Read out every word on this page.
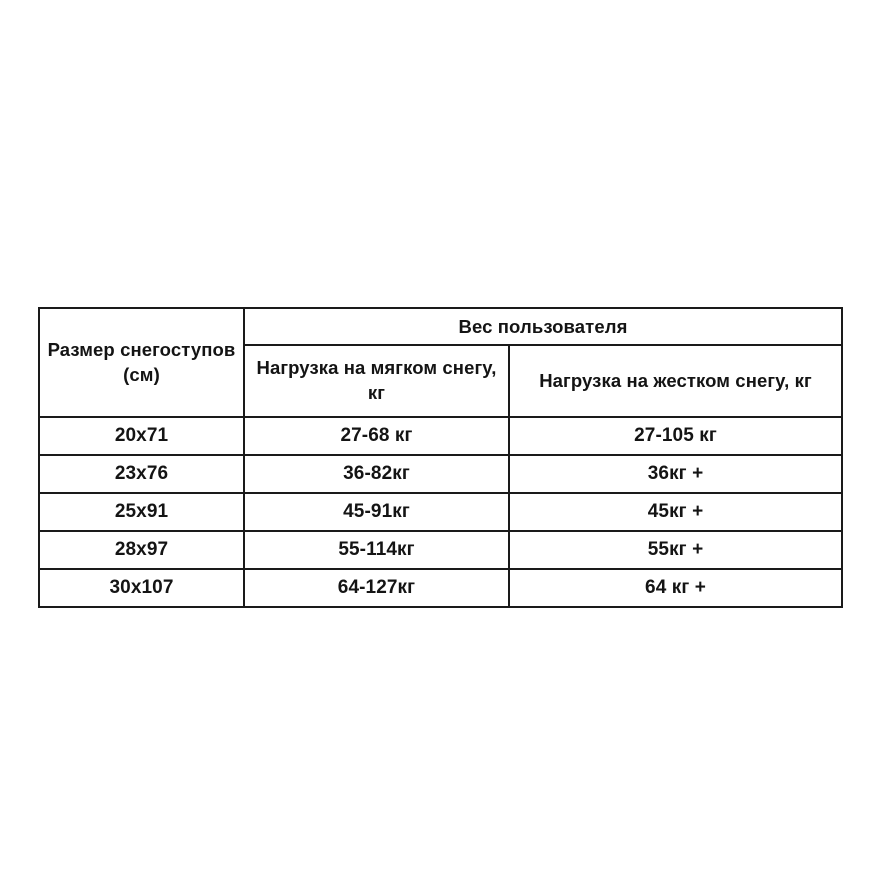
Размер снегоступов (см)	Вес пользователя	
	Нагрузка на мягком снегу, кг	Нагрузка на жестком снегу, кг
20x71	27-68 кг	27-105 кг
23x76	36-82кг	36кг +
25x91	45-91кг	45кг +
28x97	55-114кг	55кг +
30x107	64-127кг	64 кг +
